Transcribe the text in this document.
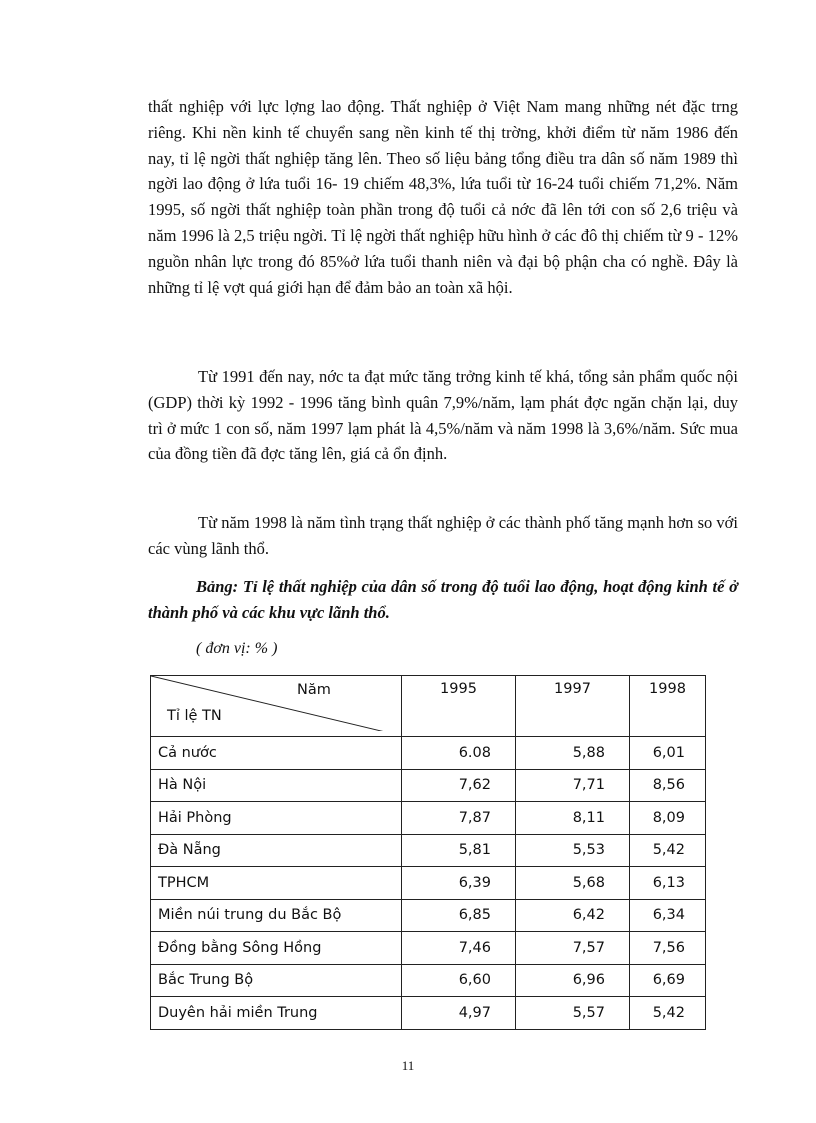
thất nghiệp với lực lợng lao động. Thất nghiệp ở Việt Nam mang những nét đặc trng riêng. Khi nền kinh tế chuyển sang nền kinh tế thị trờng, khởi điểm từ năm 1986 đến nay, tỉ lệ ngời thất nghiệp tăng lên. Theo số liệu bảng tổng điều tra dân số năm 1989 thì ngời lao động ở lứa tuổi 16- 19 chiếm 48,3%, lứa tuổi từ 16-24 tuổi chiếm 71,2%. Năm 1995, số ngời thất nghiệp toàn phần trong độ tuổi cả nớc đã lên tới con số 2,6 triệu và năm 1996 là 2,5 triệu ngời. Tỉ lệ ngời thất nghiệp hữu hình ở các đô thị chiếm từ 9 - 12% nguồn nhân lực trong đó 85%ở lứa tuổi thanh niên và đại bộ phận cha có nghề. Đây là những tỉ lệ vợt quá giới hạn để đảm bảo an toàn xã hội.
Từ 1991 đến nay, nớc ta đạt mức tăng trởng kinh tế khá, tổng sản phẩm quốc nội (GDP) thời kỳ 1992 - 1996 tăng bình quân 7,9%/năm, lạm phát đợc ngăn chặn lại, duy trì ở mức 1 con số, năm 1997 lạm phát là 4,5%/năm và năm 1998 là 3,6%/năm. Sức mua của đồng tiền đã đợc tăng lên, giá cả ổn định.
Từ năm 1998 là năm tình trạng thất nghiệp ở các thành phố tăng mạnh hơn so với các vùng lãnh thổ.
Bảng: Tỉ lệ thất nghiệp của dân số trong độ tuổi lao động, hoạt động kinh tế ở thành phố và các khu vực lãnh thổ.
( đơn vị: % )
Năm
Tỉ lệ TN	1995	1997	1998
Cả nước	6.08	5,88	6,01
Hà Nội	7,62	7,71	8,56
Hải Phòng	7,87	8,11	8,09
Đà Nẵng	5,81	5,53	5,42
TPHCM	6,39	5,68	6,13
Miền núi trung du Bắc Bộ	6,85	6,42	6,34
Đồng bằng Sông Hồng	7,46	7,57	7,56
Bắc Trung Bộ	6,60	6,96	6,69
Duyên hải miền Trung	4,97	5,57	5,42
11
